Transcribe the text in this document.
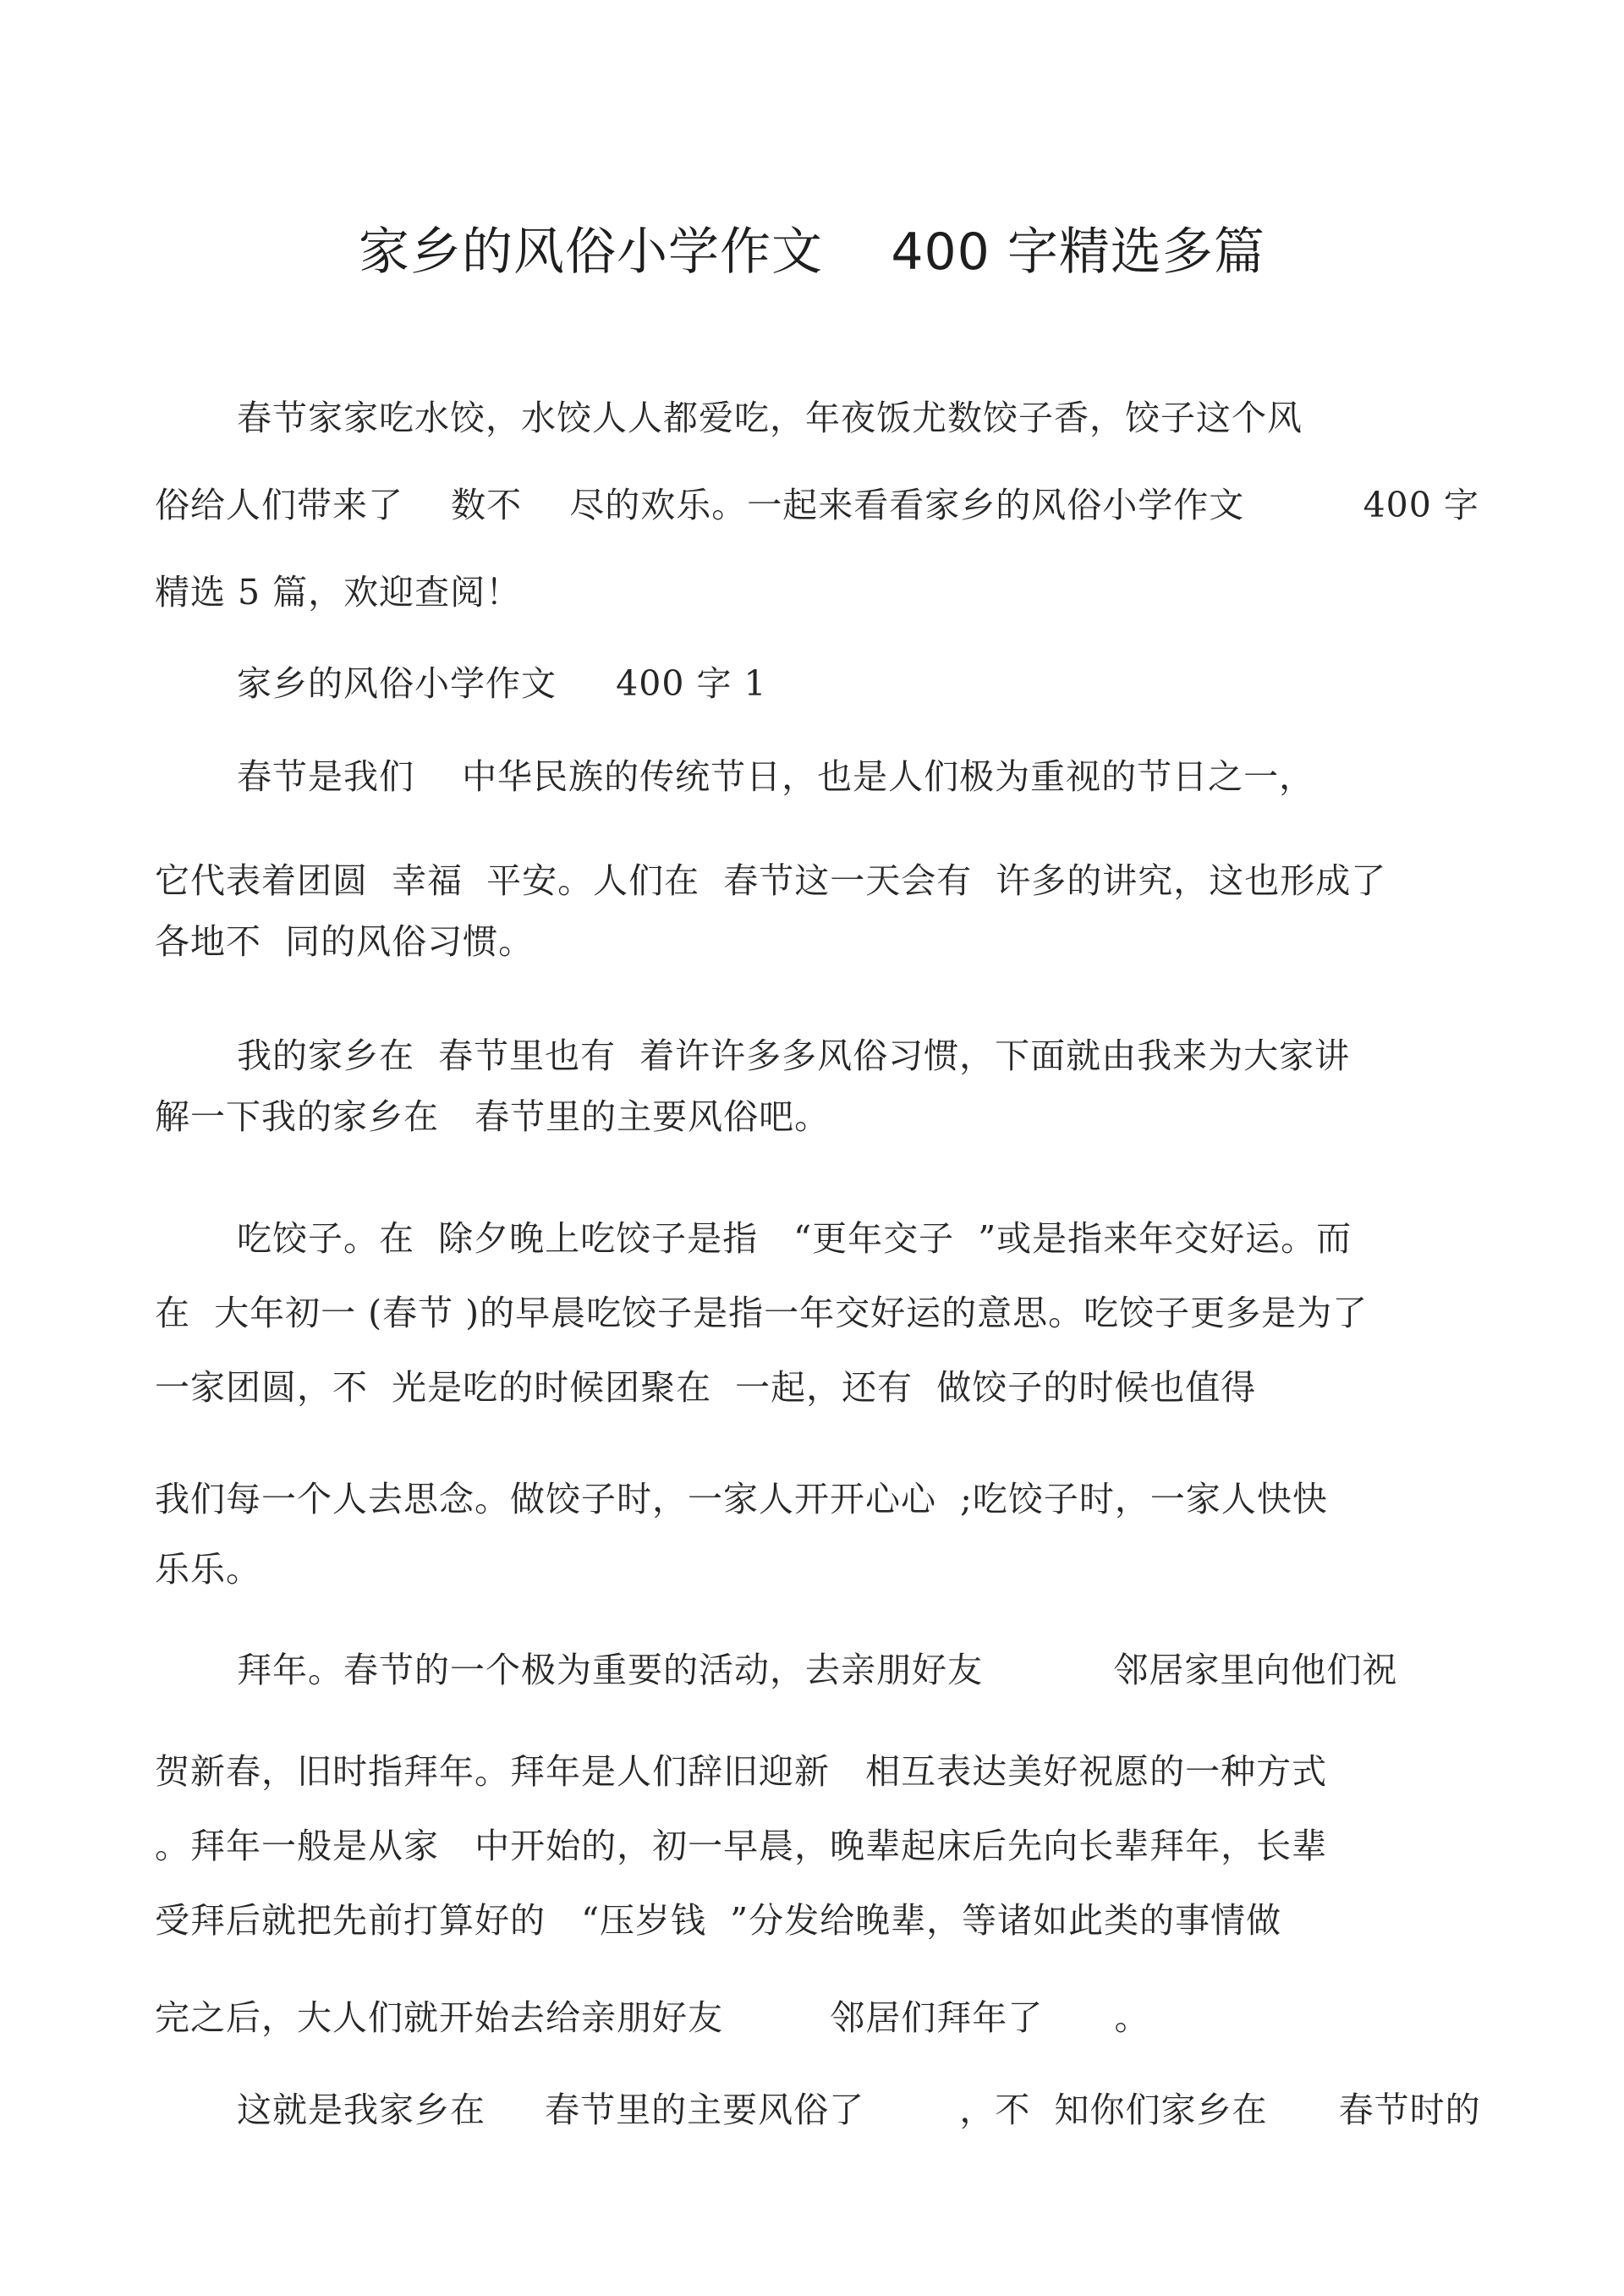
家乡的风俗小学作文    400 字精选多篇
春节家家吃水饺，水饺人人都爱吃，年夜饭尤数饺子香，饺子这个风
俗给人们带来了    数不    尽的欢乐。一起来看看家乡的风俗小学作文          400 字
精选 5 篇，欢迎查阅！
家乡的风俗小学作文     400 字 1
春节是我们    中华民族的传统节日，也是人们极为重视的节日之一，
它代表着团圆  幸福  平安。人们在  春节这一天会有  许多的讲究，这也形成了
各地不  同的风俗习惯。
我的家乡在  春节里也有  着许许多多风俗习惯，下面就由我来为大家讲
解一下我的家乡在   春节里的主要风俗吧。
吃饺子。在  除夕晚上吃饺子是指   “更年交子  ”或是指来年交好运。而
在  大年初一 (春节 )的早晨吃饺子是指一年交好运的意思。吃饺子更多是为了
一家团圆，不  光是吃的时候团聚在  一起，还有  做饺子的时候也值得
我们每一个人去思念。做饺子时，一家人开开心心  ;吃饺子时，一家人快快
乐乐。
拜年。春节的一个极为重要的活动，去亲朋好友           邻居家里向他们祝
贺新春，旧时指拜年。拜年是人们辞旧迎新   相互表达美好祝愿的一种方式
。拜年一般是从家   中开始的，初一早晨，晚辈起床后先向长辈拜年，长辈
受拜后就把先前打算好的   “压岁钱  ”分发给晚辈，等诸如此类的事情做
完之后，大人们就开始去给亲朋好友         邻居们拜年了      。
这就是我家乡在     春节里的主要风俗了        ，不  知你们家乡在      春节时的
